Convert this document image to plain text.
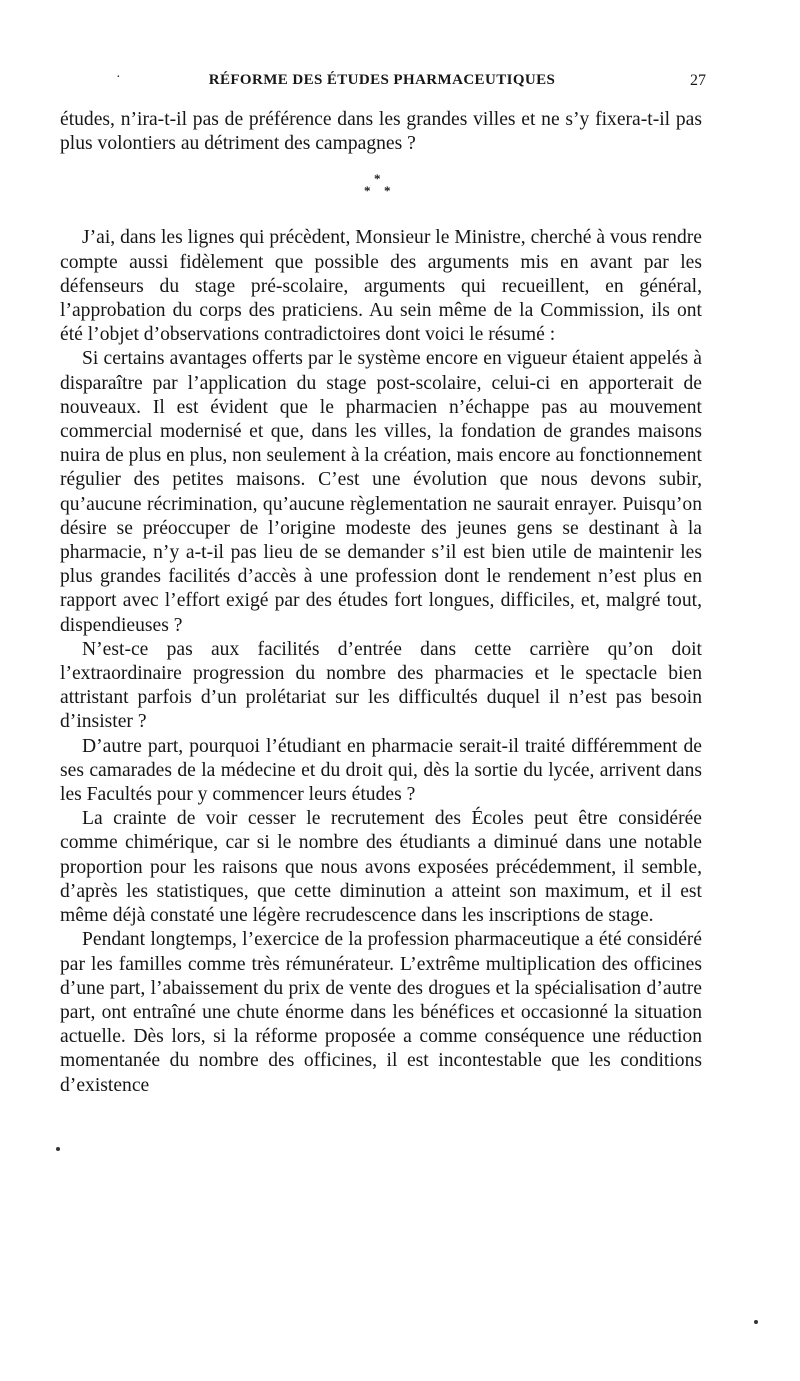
·	RÉFORME DES ÉTUDES PHARMACEUTIQUES	27

études, n’ira-t-il pas de préférence dans les grandes villes et ne s’y fixera-t-il pas plus volontiers au détriment des campagnes ?

*
* *

J’ai, dans les lignes qui précèdent, Monsieur le Ministre, cherché à vous rendre compte aussi fidèlement que possible des arguments mis en avant par les défenseurs du stage pré-scolaire, arguments qui recueillent, en général, l’approbation du corps des praticiens. Au sein même de la Commission, ils ont été l’objet d’observations contradictoires dont voici le résumé :

Si certains avantages offerts par le système encore en vigueur étaient appelés à disparaître par l’application du stage post-scolaire, celui-ci en apporterait de nouveaux. Il est évident que le pharmacien n’échappe pas au mouvement commercial modernisé et que, dans les villes, la fondation de grandes maisons nuira de plus en plus, non seulement à la création, mais encore au fonctionnement régulier des petites maisons. C’est une évolution que nous devons subir, qu’aucune récrimination, qu’aucune règlementation ne saurait enrayer. Puisqu’on désire se préoccuper de l’origine modeste des jeunes gens se destinant à la pharmacie, n’y a-t-il pas lieu de se demander s’il est bien utile de maintenir les plus grandes facilités d’accès à une profession dont le rendement n’est plus en rapport avec l’effort exigé par des études fort longues, difficiles, et, malgré tout, dispendieuses ?

N’est-ce pas aux facilités d’entrée dans cette carrière qu’on doit l’extraordinaire progression du nombre des pharmacies et le spectacle bien attristant parfois d’un prolétariat sur les difficultés duquel il n’est pas besoin d’insister ?

D’autre part, pourquoi l’étudiant en pharmacie serait-il traité différemment de ses camarades de la médecine et du droit qui, dès la sortie du lycée, arrivent dans les Facultés pour y commencer leurs études ?

La crainte de voir cesser le recrutement des Écoles peut être considérée comme chimérique, car si le nombre des étudiants a diminué dans une notable proportion pour les raisons que nous avons exposées précédemment, il semble, d’après les statistiques, que cette diminution a atteint son maximum, et il est même déjà constaté une légère recrudescence dans les inscriptions de stage.

Pendant longtemps, l’exercice de la profession pharmaceutique a été considéré par les familles comme très rémunérateur. L’extrême multiplication des officines d’une part, l’abaissement du prix de vente des drogues et la spécialisation d’autre part, ont entraîné une chute énorme dans les bénéfices et occasionné la situation actuelle. Dès lors, si la réforme proposée a comme conséquence une réduction momentanée du nombre des officines, il est incontestable que les conditions d’existence
